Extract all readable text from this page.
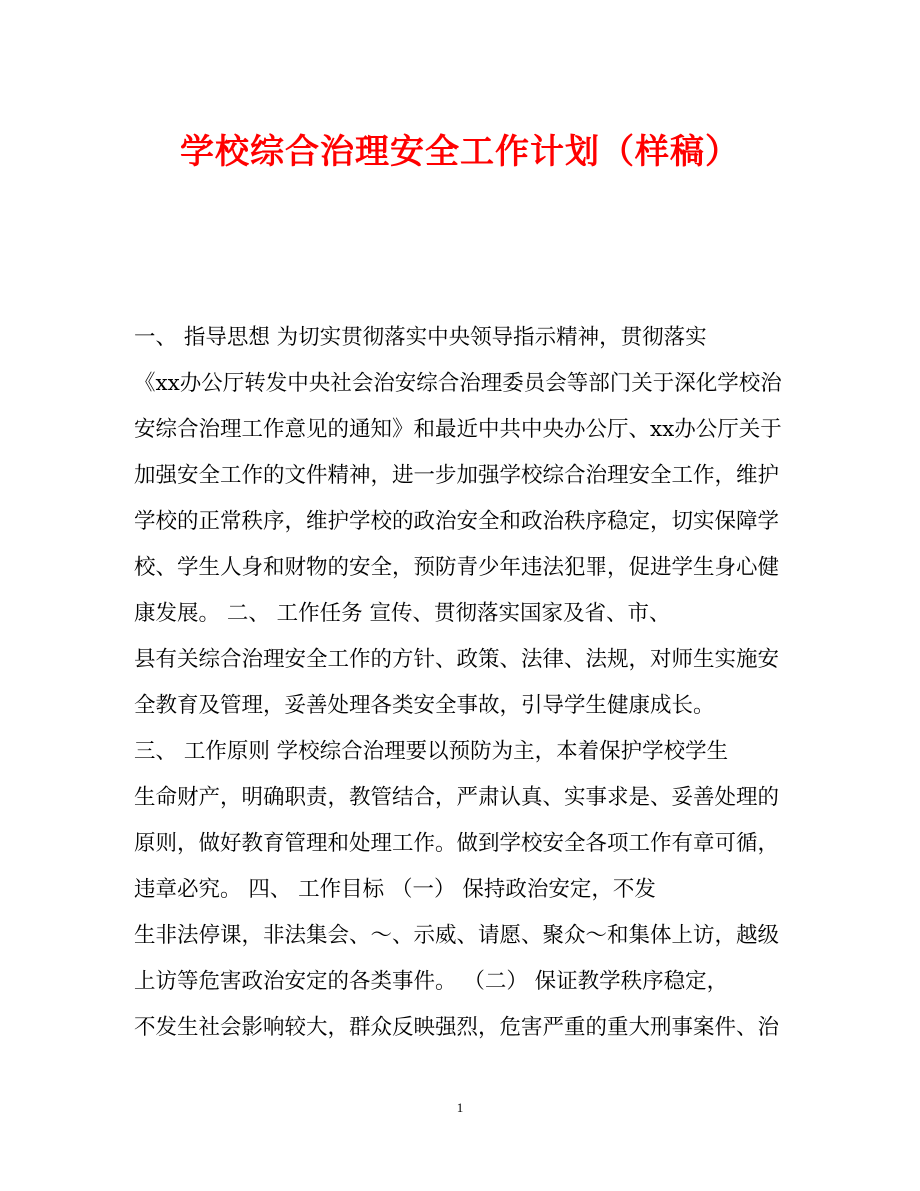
学校综合治理安全工作计划（样稿）
一、 指导思想 为切实贯彻落实中央领导指示精神，贯彻落实
《xx办公厅转发中央社会治安综合治理委员会等部门关于深化学校治
安综合治理工作意见的通知》和最近中共中央办公厅、xx办公厅关于
加强安全工作的文件精神，进一步加强学校综合治理安全工作，维护
学校的正常秩序，维护学校的政治安全和政治秩序稳定，切实保障学
校、学生人身和财物的安全，预防青少年违法犯罪，促进学生身心健
康发展。 二、 工作任务 宣传、贯彻落实国家及省、市、
县有关综合治理安全工作的方针、政策、法律、法规，对师生实施安
全教育及管理，妥善处理各类安全事故，引导学生健康成长。
三、 工作原则 学校综合治理要以预防为主，本着保护学校学生
生命财产，明确职责，教管结合，严肃认真、实事求是、妥善处理的
原则，做好教育管理和处理工作。做到学校安全各项工作有章可循，
违章必究。 四、 工作目标 （一） 保持政治安定，不发
生非法停课，非法集会、～、示威、请愿、聚众～和集体上访，越级
上访等危害政治安定的各类事件。 （二） 保证教学秩序稳定，
不发生社会影响较大，群众反映强烈，危害严重的重大刑事案件、治
1
